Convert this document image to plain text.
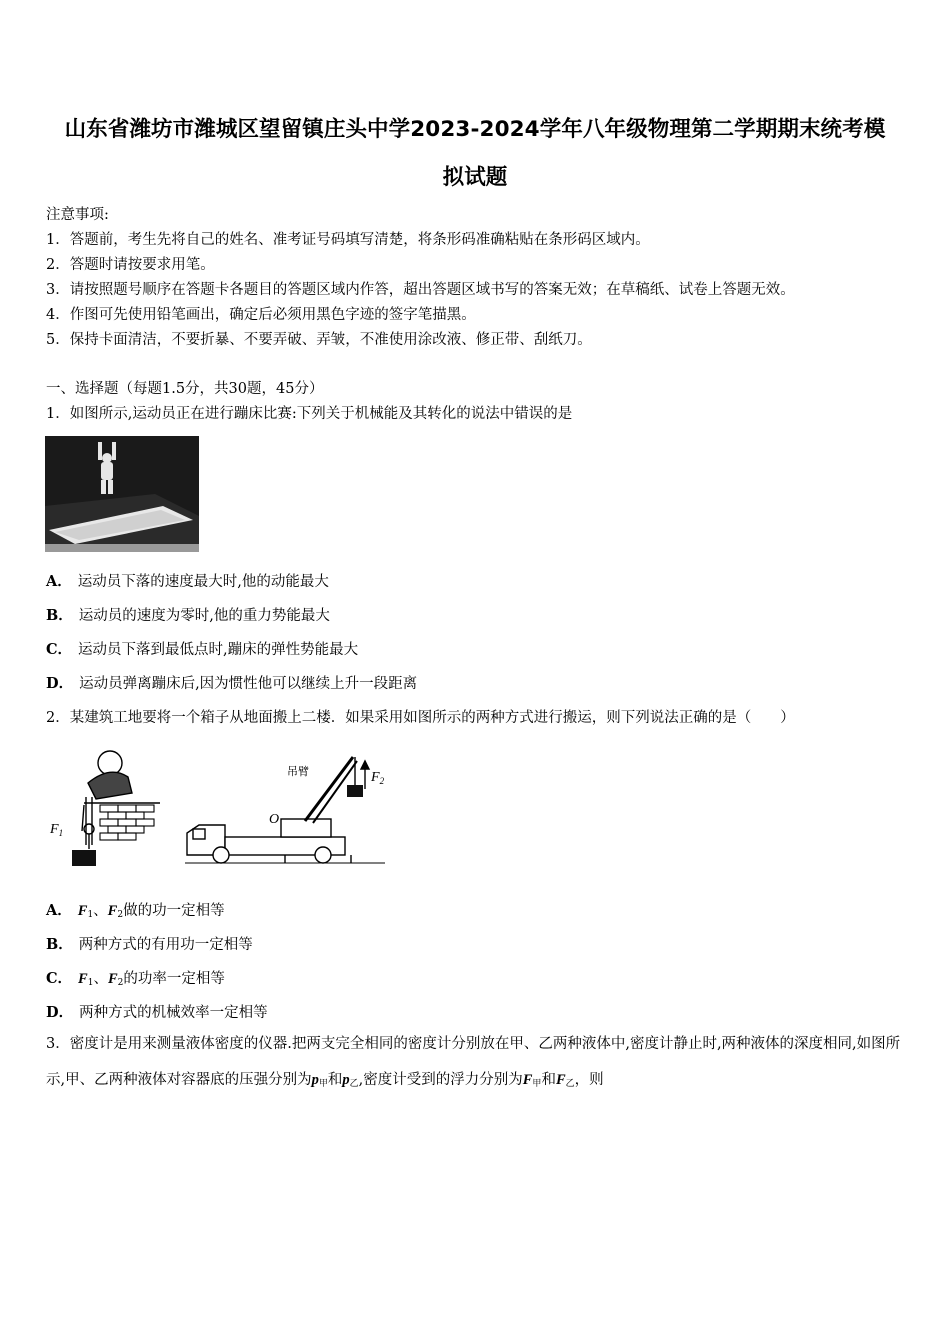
山东省潍坊市潍城区望留镇庄头中学2023-2024学年八年级物理第二学期期末统考模
拟试题
注意事项:
1．答题前，考生先将自己的姓名、准考证号码填写清楚，将条形码准确粘贴在条形码区域内。
2．答题时请按要求用笔。
3．请按照题号顺序在答题卡各题目的答题区域内作答，超出答题区域书写的答案无效；在草稿纸、试卷上答题无效。
4．作图可先使用铅笔画出，确定后必须用黑色字迹的签字笔描黑。
5．保持卡面清洁，不要折暴、不要弄破、弄皱，不准使用涂改液、修正带、刮纸刀。
一、选择题（每题1.5分，共30题，45分）
1．如图所示,运动员正在进行蹦床比赛:下列关于机械能及其转化的说法中错误的是
A． 运动员下落的速度最大时,他的动能最大
B． 运动员的速度为零时,他的重力势能最大
C． 运动员下落到最低点时,蹦床的弹性势能最大
D． 运动员弹离蹦床后,因为惯性他可以继续上升一段距离
2．某建筑工地要将一个箱子从地面搬上二楼．如果采用如图所示的两种方式进行搬运，则下列说法正确的是（　　）
$F_1$
吊臂
O
$F_2$
A． $F_1$、$F_2$做的功一定相等
B． 两种方式的有用功一定相等
C． $F_1$、$F_2$的功率一定相等
D． 两种方式的机械效率一定相等
3．密度计是用来测量液体密度的仪器.把两支完全相同的密度计分别放在甲、乙两种液体中,密度计静止时,两种液体的深度相同,如图所示,甲、乙两种液体对容器底的压强分别为$p_甲$和$p_乙$,密度计受到的浮力分别为$F_甲$和$F_乙$，则
